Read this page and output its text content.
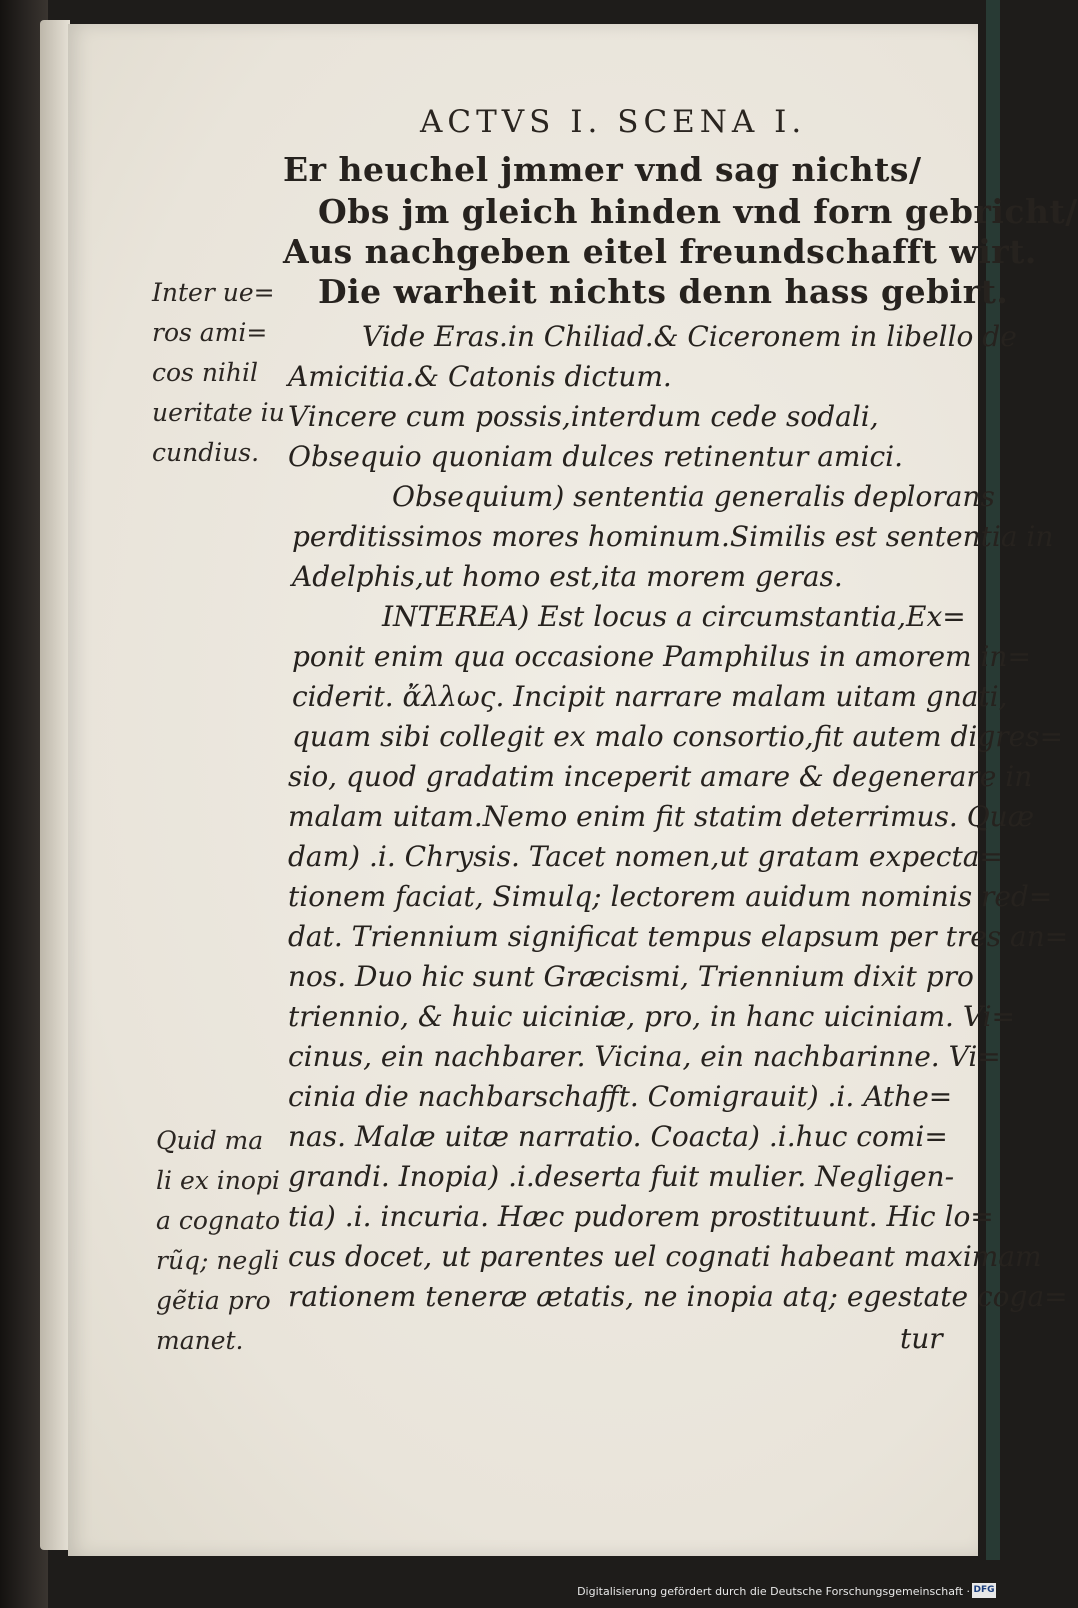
ACTVS I. SCENA I.
Er heuchel jmmer vnd sag nichts/
Obs jm gleich hinden vnd forn gebricht/
Aus nachgeben eitel freundschafft wirt.
Die warheit nichts denn hass gebirt.
Inter ue=
ros ami=
cos nihil
ueritate iu
cundius.
Vide Eras.in Chiliad.& Ciceronem in libello de
Amicitia.& Catonis dictum.
Vincere cum possis,interdum cede sodali,
Obsequio quoniam dulces retinentur amici.
Obsequium) sententia generalis deplorans
perditissimos mores hominum.Similis est sententia in
Adelphis,ut homo est,ita morem geras.
INTEREA) Est locus a circumstantia,Ex=
ponit enim qua occasione Pamphilus in amorem in=
ciderit. ἄλλως. Incipit narrare malam uitam gnati,
quam sibi collegit ex malo consortio,fit autem digres=
sio, quod gradatim inceperit amare & degenerare in
malam uitam.Nemo enim fit statim deterrimus. Quæ
dam) .i. Chrysis. Tacet nomen,ut gratam expecta=
tionem faciat, Simulq; lectorem auidum nominis red=
dat. Triennium significat tempus elapsum per tres an=
nos. Duo hic sunt Græcismi, Triennium dixit pro
triennio, & huic uiciniæ, pro, in hanc uiciniam. Vi=
cinus, ein nachbarer. Vicina, ein nachbarinne. Vi=
cinia die nachbarschafft. Comigrauit) .i. Athe=
nas. Malæ uitæ narratio. Coacta) .i.huc comi=
grandi. Inopia) .i.deserta fuit mulier. Negligen-
tia) .i. incuria. Hæc pudorem prostituunt. Hic lo=
cus docet, ut parentes uel cognati habeant maximam
rationem teneræ ætatis, ne inopia atq; egestate coga=
tur
Quid ma
li ex inopi
a cognato
rũq; negli
gẽtia pro
manet.
Digitalisierung gefördert durch die Deutsche Forschungsgemeinschaft · DFG
